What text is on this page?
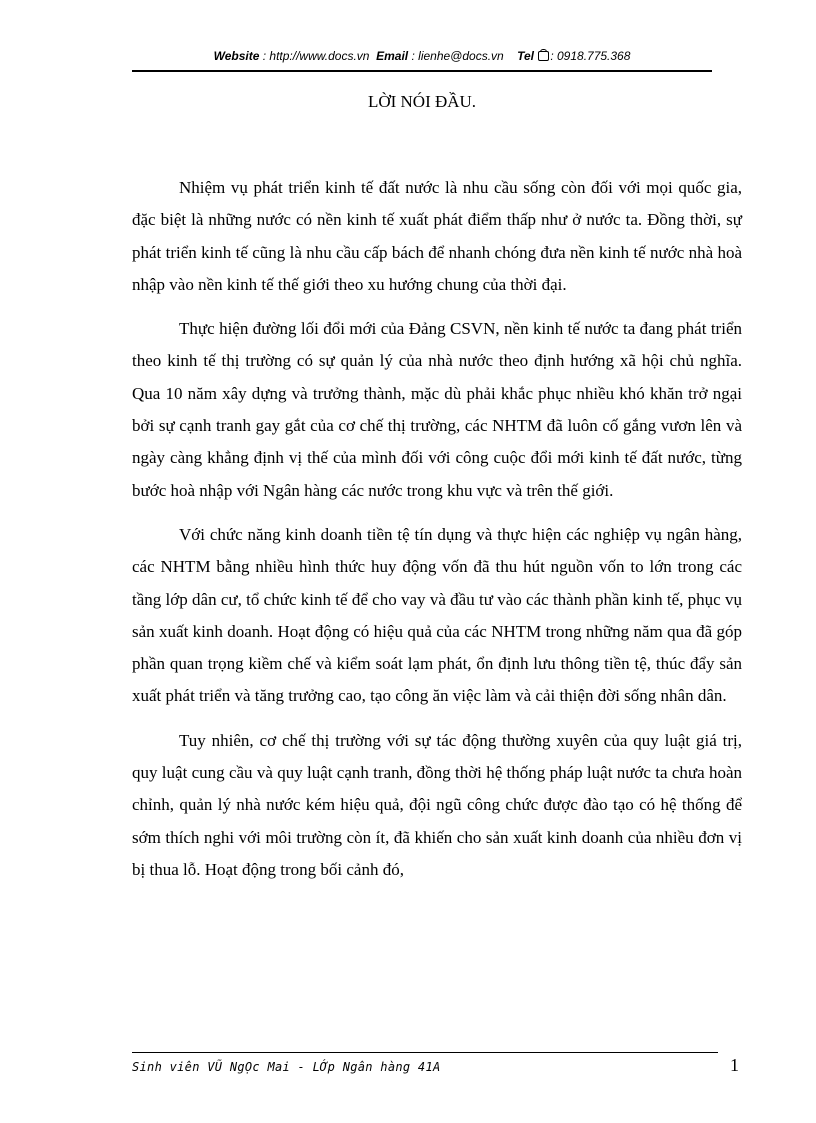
Website : http://www.docs.vn Email : lienhe@docs.vn Tel : 0918.775.368
LỜI NÓI ĐẦU.

Nhiệm vụ phát triển kinh tế đất nước là nhu cầu sống còn đối với mọi quốc gia, đặc biệt là những nước có nền kinh tế xuất phát điểm thấp như ở nước ta. Đồng thời, sự phát triển kinh tế cũng là nhu cầu cấp bách để nhanh chóng đưa nền kinh tế nước nhà hoà nhập vào nền kinh tế thế giới theo xu hướng chung của thời đại.

Thực hiện đường lối đổi mới của Đảng CSVN, nền kinh tế nước ta đang phát triển theo kinh tế thị trường có sự quản lý của nhà nước theo định hướng xã hội chủ nghĩa. Qua 10 năm xây dựng và trưởng thành, mặc dù phải khắc phục nhiều khó khăn trở ngại bởi sự cạnh tranh gay gắt của cơ chế thị trường, các NHTM đã luôn cố gắng vươn lên và ngày càng khẳng định vị thế của mình đối với công cuộc đổi mới kinh tế đất nước, từng bước hoà nhập với Ngân hàng các nước trong khu vực và trên thế giới.

Với chức năng kinh doanh tiền tệ tín dụng và thực hiện các nghiệp vụ ngân hàng, các NHTM bằng nhiều hình thức huy động vốn đã thu hút nguồn vốn to lớn trong các tầng lớp dân cư, tổ chức kinh tế để cho vay và đầu tư vào các thành phần kinh tế, phục vụ sản xuất kinh doanh. Hoạt động có hiệu quả của các NHTM trong những năm qua đã góp phần quan trọng kiềm chế và kiểm soát lạm phát, ổn định lưu thông tiền tệ, thúc đẩy sản xuất phát triển và tăng trưởng cao, tạo công ăn việc làm và cải thiện đời sống nhân dân.

Tuy nhiên, cơ chế thị trường với sự tác động thường xuyên của quy luật giá trị, quy luật cung cầu và quy luật cạnh tranh, đồng thời hệ thống pháp luật nước ta chưa hoàn chỉnh, quản lý nhà nước kém hiệu quả, đội ngũ công chức được đào tạo có hệ thống để sớm thích nghi với môi trường còn ít, đã khiến cho sản xuất kinh doanh của nhiều đơn vị bị thua lỗ. Hoạt động trong bối cảnh đó,

Sinh viên VŨ NgỌc Mai - LỚp Ngân hàng 41A	1
